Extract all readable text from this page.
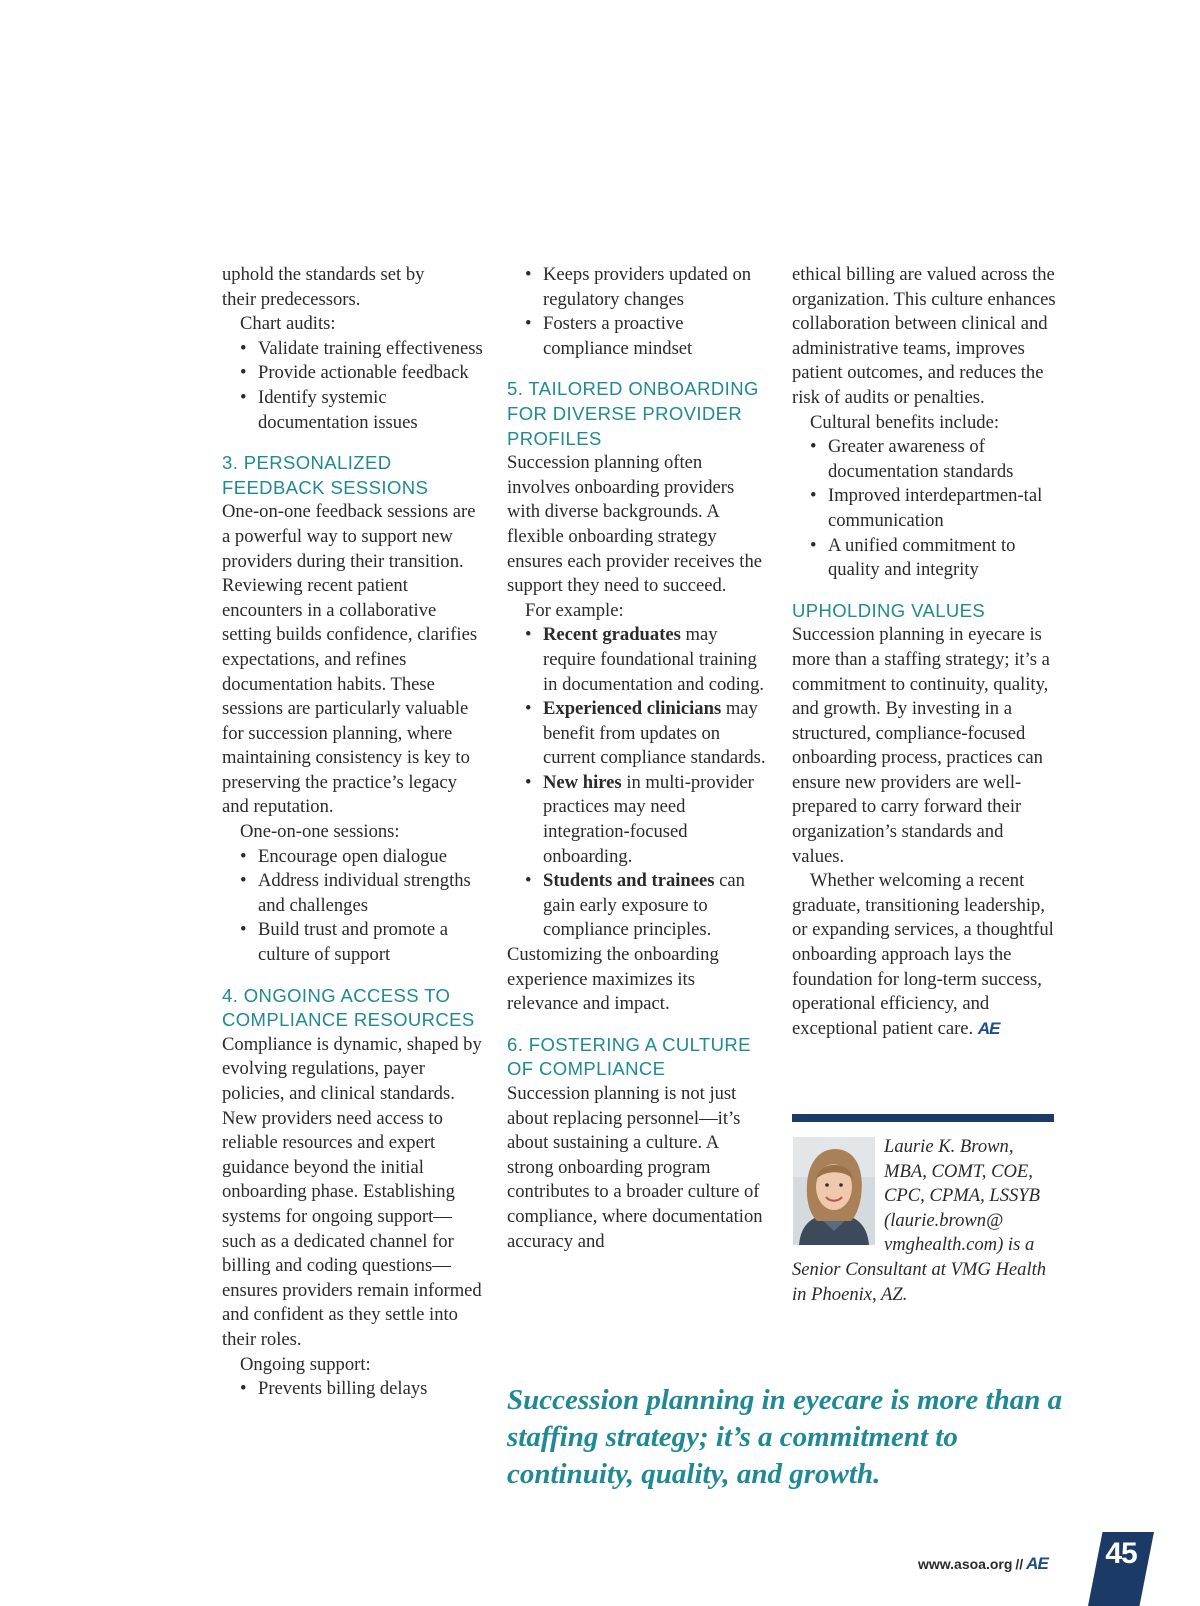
uphold the standards set by
their predecessors.
Chart audits:
• Validate training effectiveness
• Provide actionable feedback
• Identify systemic documentation issues
3. PERSONALIZED FEEDBACK SESSIONS

One-on-one feedback sessions are a powerful way to support new providers during their transition. Reviewing recent patient encounters in a collaborative setting builds confidence, clarifies expectations, and refines documentation habits. These sessions are particularly valuable for succession planning, where maintaining consistency is key to preserving the practice’s legacy and reputation.

One-on-one sessions:
• Encourage open dialogue
• Address individual strengths and challenges
• Build trust and promote a culture of support
4. ONGOING ACCESS TO COMPLIANCE RESOURCES

Compliance is dynamic, shaped by evolving regulations, payer policies, and clinical standards. New providers need access to reliable resources and expert guidance beyond the initial onboarding phase. Establishing systems for ongoing support—such as a dedicated channel for billing and coding questions—ensures providers remain informed and confident as they settle into their roles.

Ongoing support:
• Prevents billing delays
• Keeps providers updated on regulatory changes
• Fosters a proactive compliance mindset
5. TAILORED ONBOARDING FOR DIVERSE PROVIDER PROFILES

Succession planning often involves onboarding providers with diverse backgrounds. A flexible onboarding strategy ensures each provider receives the support they need to succeed.

For example:
• Recent graduates may require foundational training in documentation and coding.
• Experienced clinicians may benefit from updates on current compliance standards.
• New hires in multi-provider practices may need integration-focused onboarding.
• Students and trainees can gain early exposure to compliance principles.

Customizing the onboarding experience maximizes its relevance and impact.

6. FOSTERING A CULTURE OF COMPLIANCE

Succession planning is not just about replacing personnel—it’s about sustaining a culture. A strong onboarding program contributes to a broader culture of compliance, where documentation accuracy and

ethical billing are valued across the organization. This culture enhances collaboration between clinical and administrative teams, improves patient outcomes, and reduces the risk of audits or penalties.

Cultural benefits include:
• Greater awareness of documentation standards
• Improved interdepartmen-tal communication
• A unified commitment to quality and integrity
UPHOLDING VALUES

Succession planning in eyecare is more than a staffing strategy; it’s a commitment to continuity, quality, and growth. By investing in a structured, compliance-focused onboarding process, practices can ensure new providers are well-prepared to carry forward their organization’s standards and values.

Whether welcoming a recent graduate, transitioning leadership, or expanding services, a thoughtful onboarding approach lays the foundation for long-term success, operational efficiency, and exceptional patient care. AE

Laurie K. Brown, MBA, COMT, COE, CPC, CPMA, LSSYB (laurie.brown@ vmghealth.com) is a Senior Consultant at VMG Health in Phoenix, AZ.
Succession planning in eyecare is more than a staffing strategy; it’s a commitment to continuity, quality, and growth.
www.asoa.org // AE	45
